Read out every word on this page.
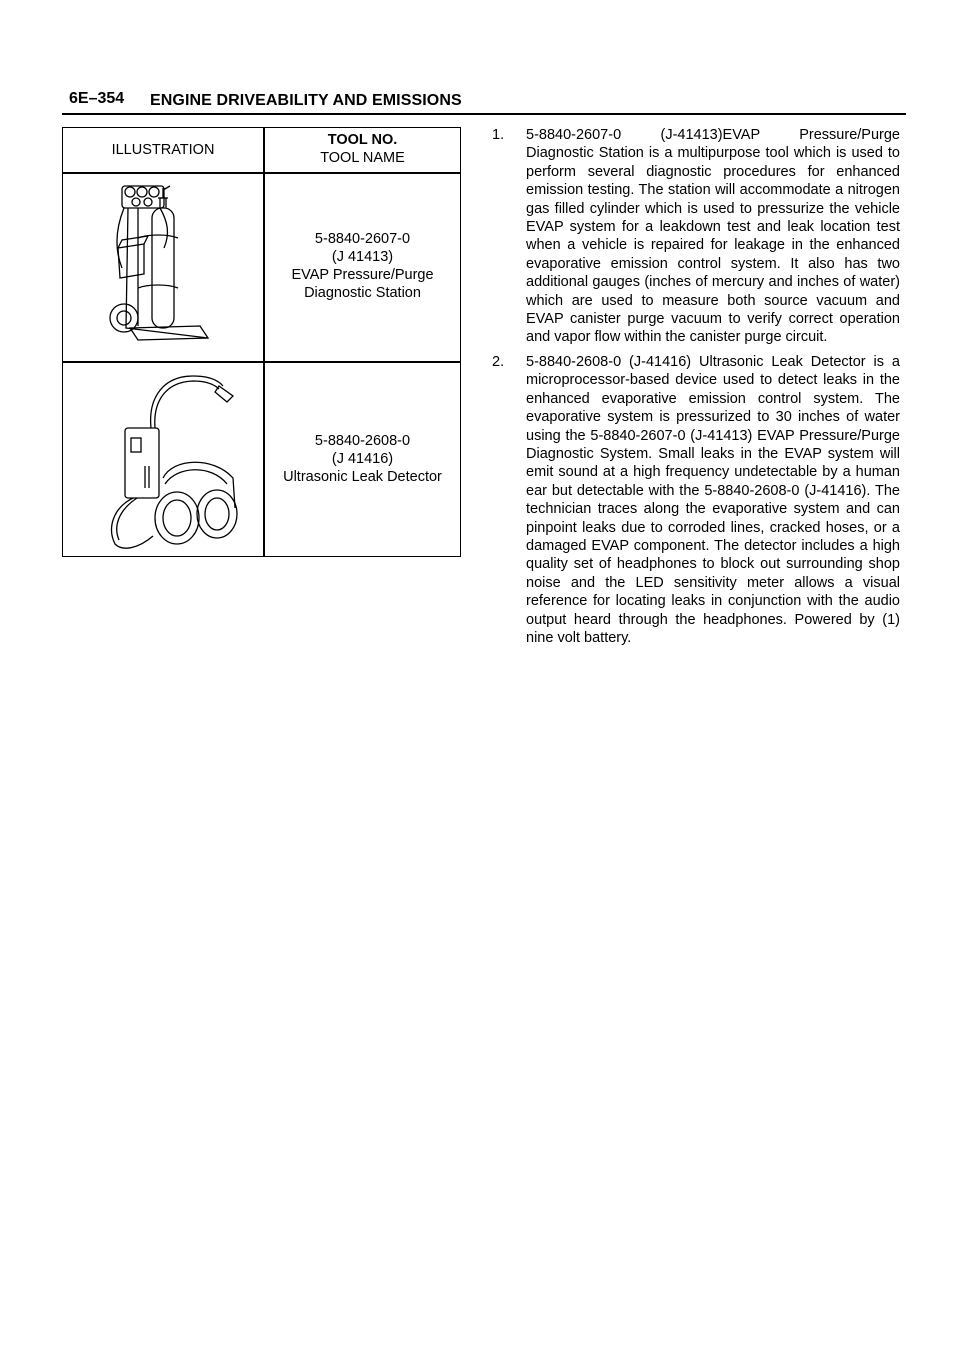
6E–354 ENGINE DRIVEABILITY AND EMISSIONS
ILLUSTRATION
TOOL NO.
TOOL NAME
5-8840-2607-0
(J 41413)
EVAP Pressure/Purge
Diagnostic Station
5-8840-2608-0
(J 41416)
Ultrasonic Leak Detector
1. 5-8840-2607-0 (J-41413)EVAP Pressure/Purge Diagnostic Station is a multipurpose tool which is used to perform several diagnostic procedures for enhanced emission testing. The station will accommodate a nitrogen gas filled cylinder which is used to pressurize the vehicle EVAP system for a leakdown test and leak location test when a vehicle is repaired for leakage in the enhanced evaporative emission control system. It also has two additional gauges (inches of mercury and inches of water) which are used to measure both source vacuum and EVAP canister purge vacuum to verify correct operation and vapor flow within the canister purge circuit.
2. 5-8840-2608-0 (J-41416) Ultrasonic Leak Detector is a microprocessor-based device used to detect leaks in the enhanced evaporative emission control system. The evaporative system is pressurized to 30 inches of water using the 5-8840-2607-0 (J-41413) EVAP Pressure/Purge Diagnostic System. Small leaks in the EVAP system will emit sound at a high frequency undetectable by a human ear but detectable with the 5-8840-2608-0 (J-41416). The technician traces along the evaporative system and can pinpoint leaks due to corroded lines, cracked hoses, or a damaged EVAP component. The detector includes a high quality set of headphones to block out surrounding shop noise and the LED sensitivity meter allows a visual reference for locating leaks in conjunction with the audio output heard through the headphones. Powered by (1) nine volt battery.
